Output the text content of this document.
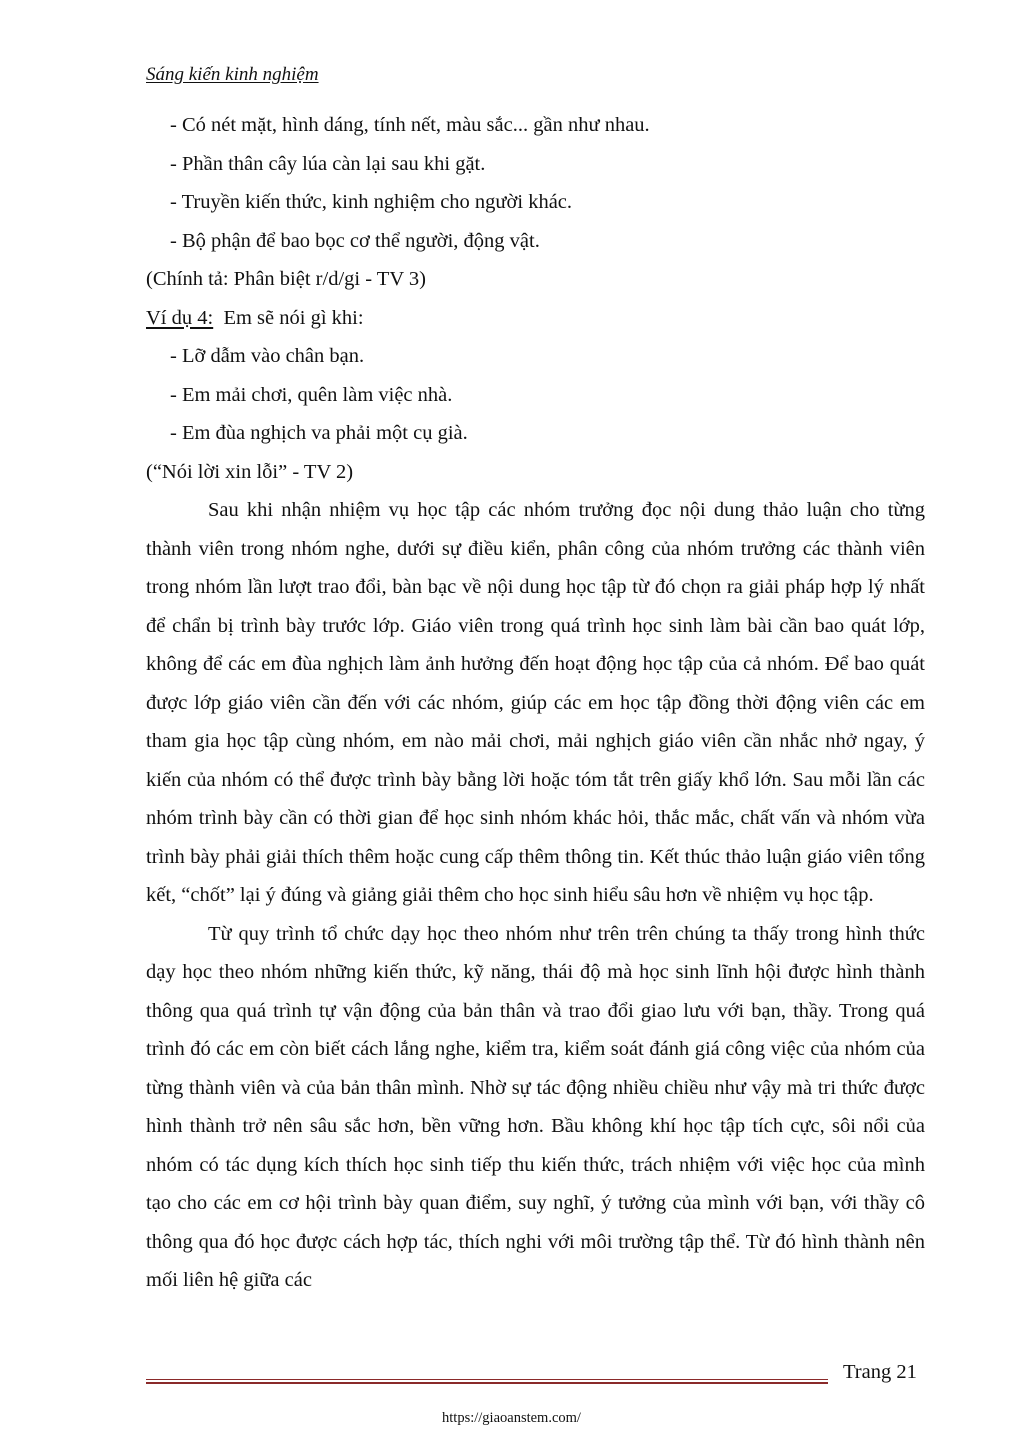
Sáng kiến kinh nghiệm
- Có nét mặt, hình dáng, tính nết, màu sắc... gần như nhau.
- Phần thân cây lúa càn lại sau khi gặt.
- Truyền kiến thức, kinh nghiệm cho người khác.
- Bộ phận để bao bọc cơ thể người, động vật.
(Chính tả: Phân biệt r/d/gi - TV 3)
Ví dụ 4: Em sẽ nói gì khi:
- Lỡ dẫm vào chân bạn.
- Em mải chơi, quên làm việc nhà.
- Em đùa nghịch va phải một cụ già.
(“Nói lời xin lỗi” - TV 2)

Sau khi nhận nhiệm vụ học tập các nhóm trưởng đọc nội dung thảo luận cho từng thành viên trong nhóm nghe, dưới sự điều kiển, phân công của nhóm trưởng các thành viên trong nhóm lần lượt trao đổi, bàn bạc về nội dung học tập từ đó chọn ra giải pháp hợp lý nhất để chẩn bị trình bày trước lớp. Giáo viên trong quá trình học sinh làm bài cần bao quát lớp, không để các em đùa nghịch làm ảnh hưởng đến hoạt động học tập của cả nhóm. Để bao quát được lớp giáo viên cần đến với các nhóm, giúp các em học tập đồng thời động viên các em tham gia học tập cùng nhóm, em nào mải chơi, mải nghịch giáo viên cần nhắc nhở ngay, ý kiến của nhóm có thể được trình bày bằng lời hoặc tóm tắt trên giấy khổ lớn. Sau mỗi lần các nhóm trình bày cần có thời gian để học sinh nhóm khác hỏi, thắc mắc, chất vấn và nhóm vừa trình bày phải giải thích thêm hoặc cung cấp thêm thông tin. Kết thúc thảo luận giáo viên tổng kết, “chốt” lại ý đúng và giảng giải thêm cho học sinh hiểu sâu hơn về nhiệm vụ học tập.

Từ quy trình tổ chức dạy học theo nhóm như trên trên chúng ta thấy trong hình thức dạy học theo nhóm những kiến thức, kỹ năng, thái độ mà học sinh lĩnh hội được hình thành thông qua quá trình tự vận động của bản thân và trao đổi giao lưu với bạn, thầy. Trong quá trình đó các em còn biết cách lắng nghe, kiểm tra, kiểm soát đánh giá công việc của nhóm của từng thành viên và của bản thân mình. Nhờ sự tác động nhiều chiều như vậy mà tri thức được hình thành trở nên sâu sắc hơn, bền vững hơn. Bầu không khí học tập tích cực, sôi nổi của nhóm có tác dụng kích thích học sinh tiếp thu kiến thức, trách nhiệm với việc học của mình tạo cho các em cơ hội trình bày quan điểm, suy nghĩ, ý tưởng của mình với bạn, với thầy cô thông qua đó học được cách hợp tác, thích nghi với môi trường tập thể. Từ đó hình thành nên mối liên hệ giữa các

Trang 21
https://giaoanstem.com/
